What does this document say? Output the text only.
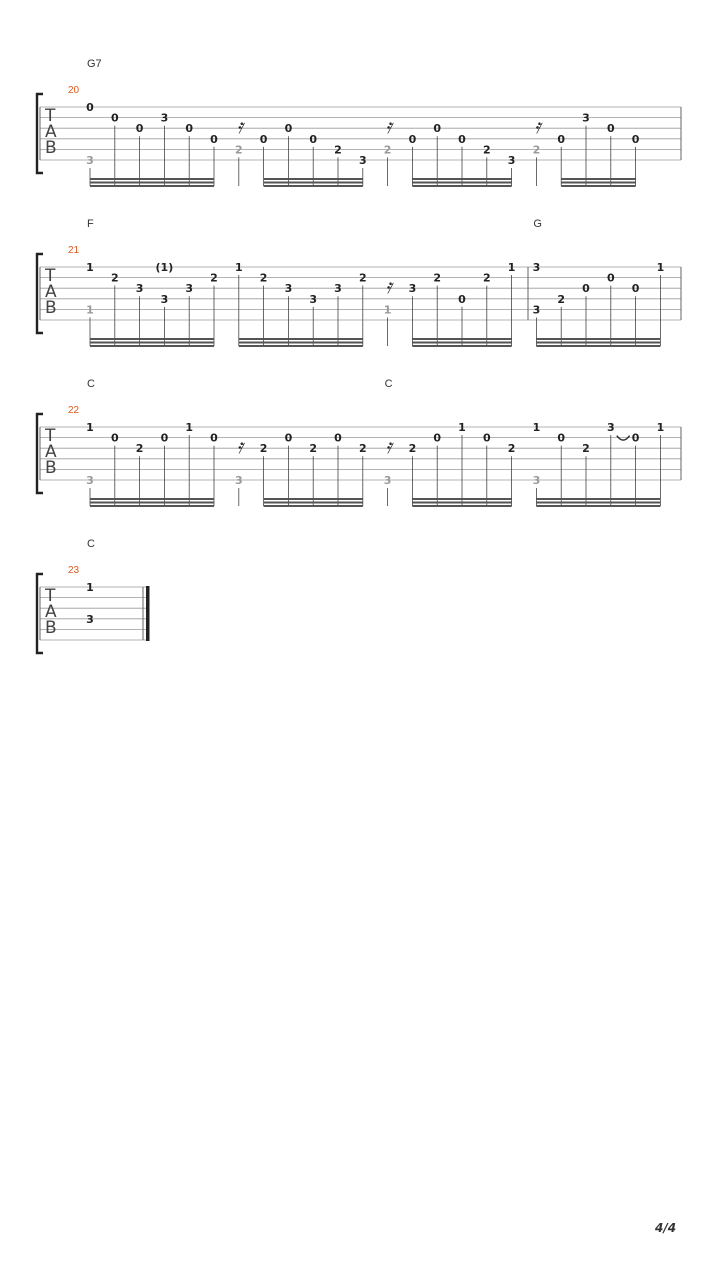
G7
20
T
A
B
0
3
0
0
3
0
0
2
𝄿
0
0
0
2
3
2
𝄿
0
0
0
2
3
2
𝄿
0
3
0
0
F	G
21
T
A
B
1
1
2
3
(1)
3
3
2
1
2
3
3
3
2
1
𝄿 3
2
0
2
1 3
3
2
0
0
0
1
C	C
22
T
A
B
1
3
0
2
0
1
0
3
𝄿 2
0
2
0
2
3
𝄿 2
0
1
0
2
1
3
0
2
3
0
1
C
23
T
A
B
1
3
4/4
